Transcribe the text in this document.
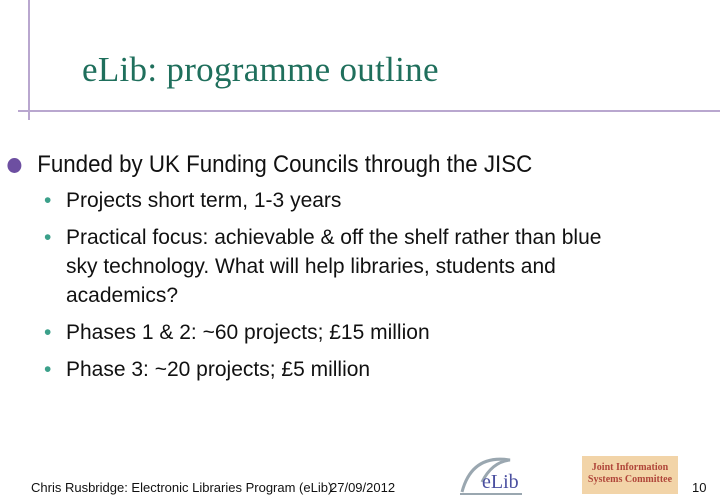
eLib: programme outline
Funded by UK Funding Councils through the JISC
• Projects short term, 1-3 years
• Practical focus: achievable & off the shelf rather than blue sky technology. What will help libraries, students and academics?
• Phases 1 & 2: ~60 projects; £15 million
• Phase 3: ~20 projects; £5 million
eLib
Joint Information
Systems Committee
Chris Rusbridge: Electronic Libraries Program (eLib)
27/09/2012	10
